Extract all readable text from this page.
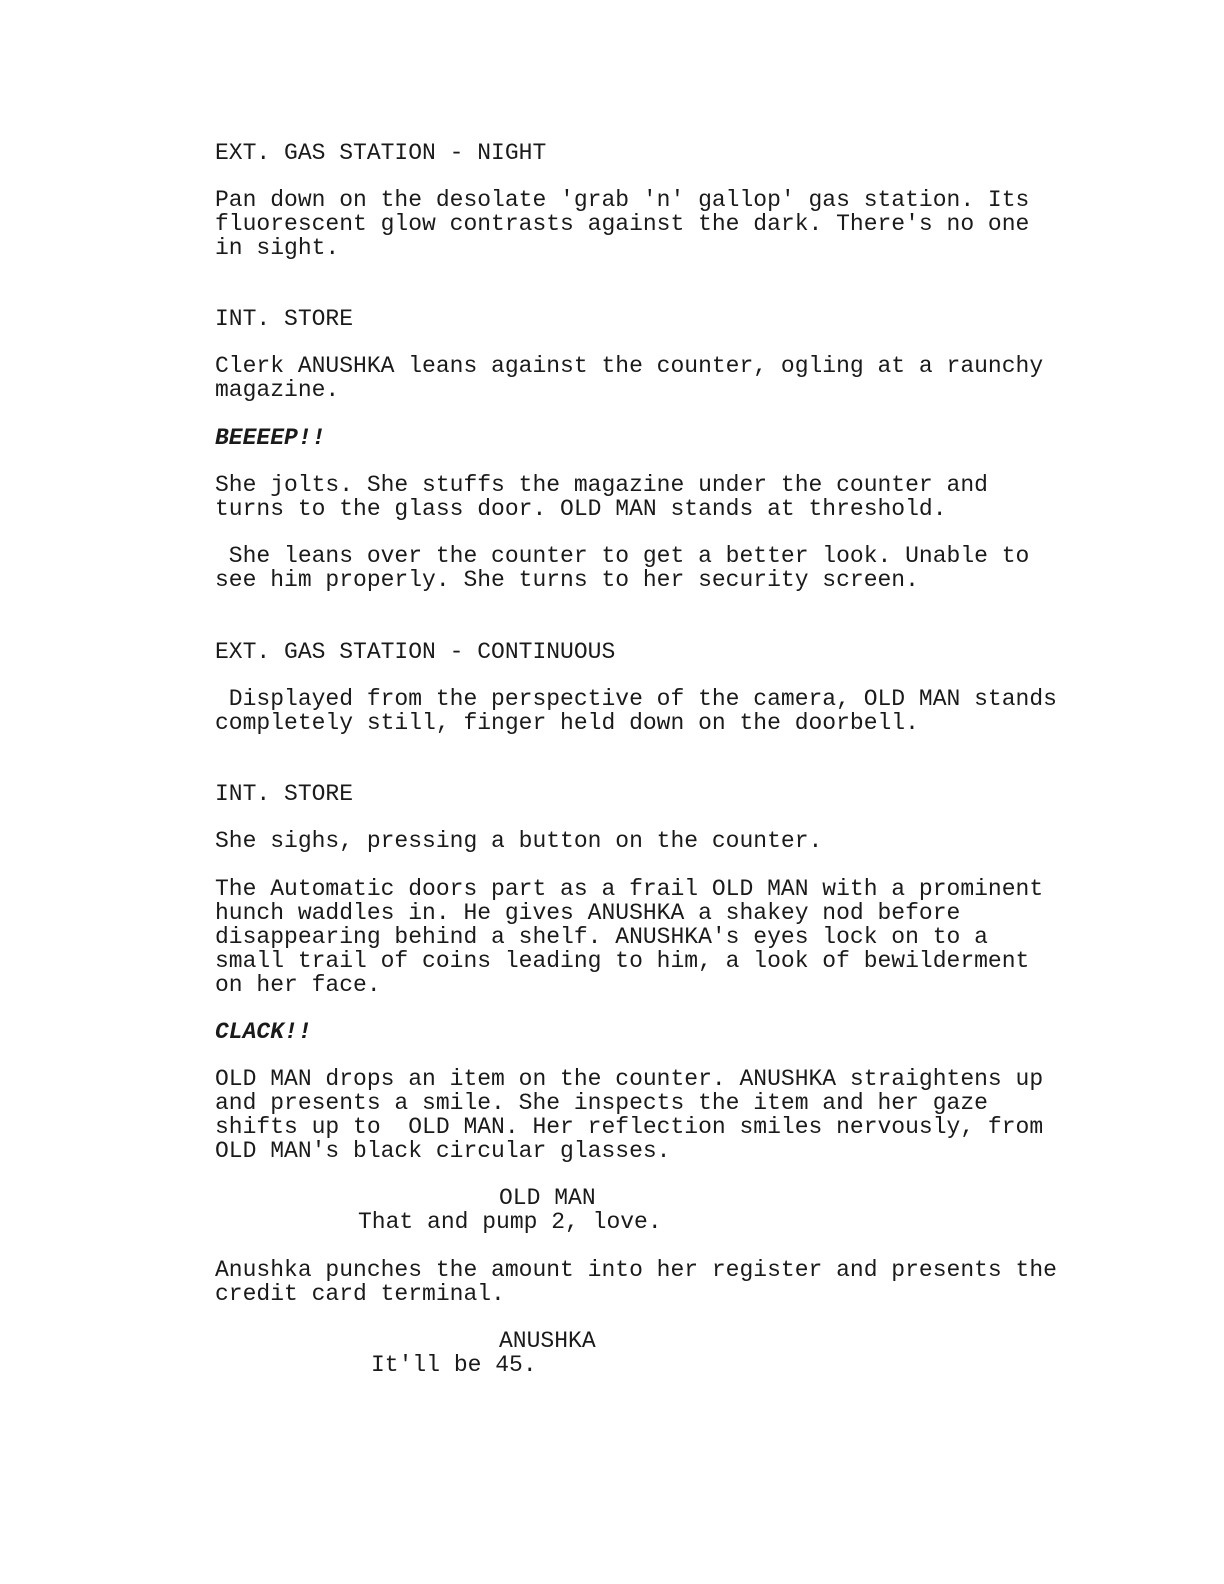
EXT. GAS STATION - NIGHT
Pan down on the desolate 'grab 'n' gallop' gas station. Its
fluorescent glow contrasts against the dark. There's no one
in sight.
INT. STORE
Clerk ANUSHKA leans against the counter, ogling at a raunchy
magazine.
BEEEEP!!
She jolts. She stuffs the magazine under the counter and
turns to the glass door. OLD MAN stands at threshold.
She leans over the counter to get a better look. Unable to
see him properly. She turns to her security screen.
EXT. GAS STATION - CONTINUOUS
Displayed from the perspective of the camera, OLD MAN stands
completely still, finger held down on the doorbell.
INT. STORE
She sighs, pressing a button on the counter.
The Automatic doors part as a frail OLD MAN with a prominent
hunch waddles in. He gives ANUSHKA a shakey nod before
disappearing behind a shelf. ANUSHKA's eyes lock on to a
small trail of coins leading to him, a look of bewilderment
on her face.
CLACK!!
OLD MAN drops an item on the counter. ANUSHKA straightens up
and presents a smile. She inspects the item and her gaze
shifts up to  OLD MAN. Her reflection smiles nervously, from
OLD MAN's black circular glasses.
OLD MAN
That and pump 2, love.
Anushka punches the amount into her register and presents the
credit card terminal.
ANUSHKA
It'll be 45.
